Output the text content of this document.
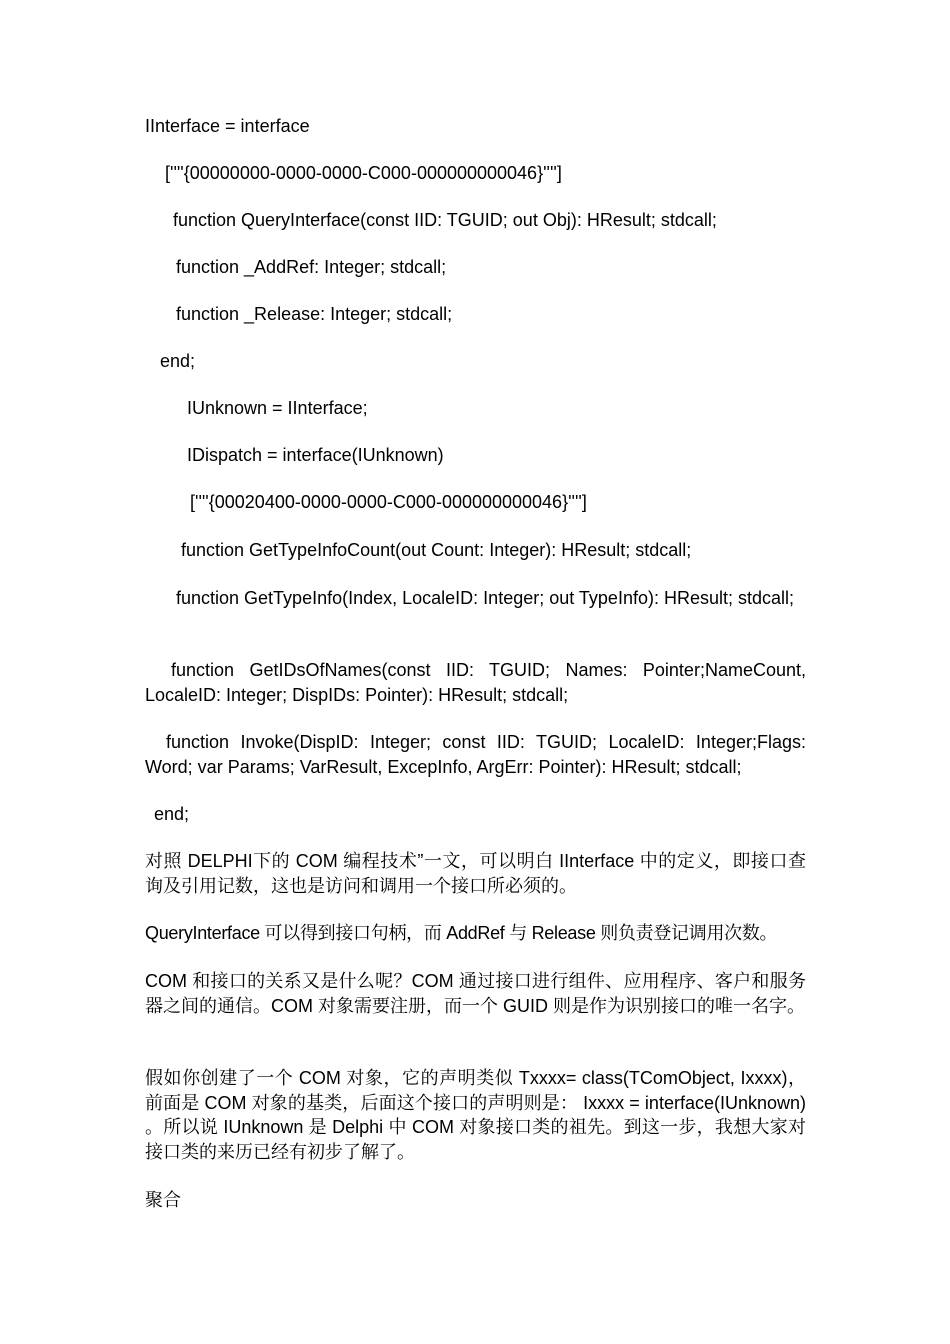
IInterface = interface

[''''{00000000-0000-0000-C000-000000000046}'''']

function QueryInterface(const IID: TGUID; out Obj): HResult; stdcall;

function _AddRef: Integer; stdcall;

function _Release: Integer; stdcall;

end;

IUnknown = IInterface;

IDispatch = interface(IUnknown)

[''''{00020400-0000-0000-C000-000000000046}'''']

function GetTypeInfoCount(out Count: Integer): HResult; stdcall;

function GetTypeInfo(Index, LocaleID: Integer; out TypeInfo): HResult; stdcall;

function GetIDsOfNames(const IID: TGUID; Names: Pointer;NameCount, LocaleID: Integer; DispIDs: Pointer): HResult; stdcall;

function Invoke(DispID: Integer; const IID: TGUID; LocaleID: Integer;Flags: Word; var Params; VarResult, ExcepInfo, ArgErr: Pointer): HResult; stdcall;

end;

对照 DELPHI下的 COM 编程技术”一文，可以明白 IInterface 中的定义，即接口查询及引用记数，这也是访问和调用一个接口所必须的。

QueryInterface 可以得到接口句柄，而 AddRef 与 Release 则负责登记调用次数。

COM 和接口的关系又是什么呢？COM 通过接口进行组件、应用程序、客户和服务器之间的通信。COM 对象需要注册，而一个 GUID 则是作为识别接口的唯一名字。

假如你创建了一个 COM 对象，它的声明类似 Txxxx= class(TComObject, Ixxxx)，前面是 COM 对象的基类，后面这个接口的声明则是： Ixxxx = interface(IUnknown) 。所以说 IUnknown 是 Delphi 中 COM 对象接口类的祖先。到这一步，我想大家对接口类的来历已经有初步了解了。

聚合
